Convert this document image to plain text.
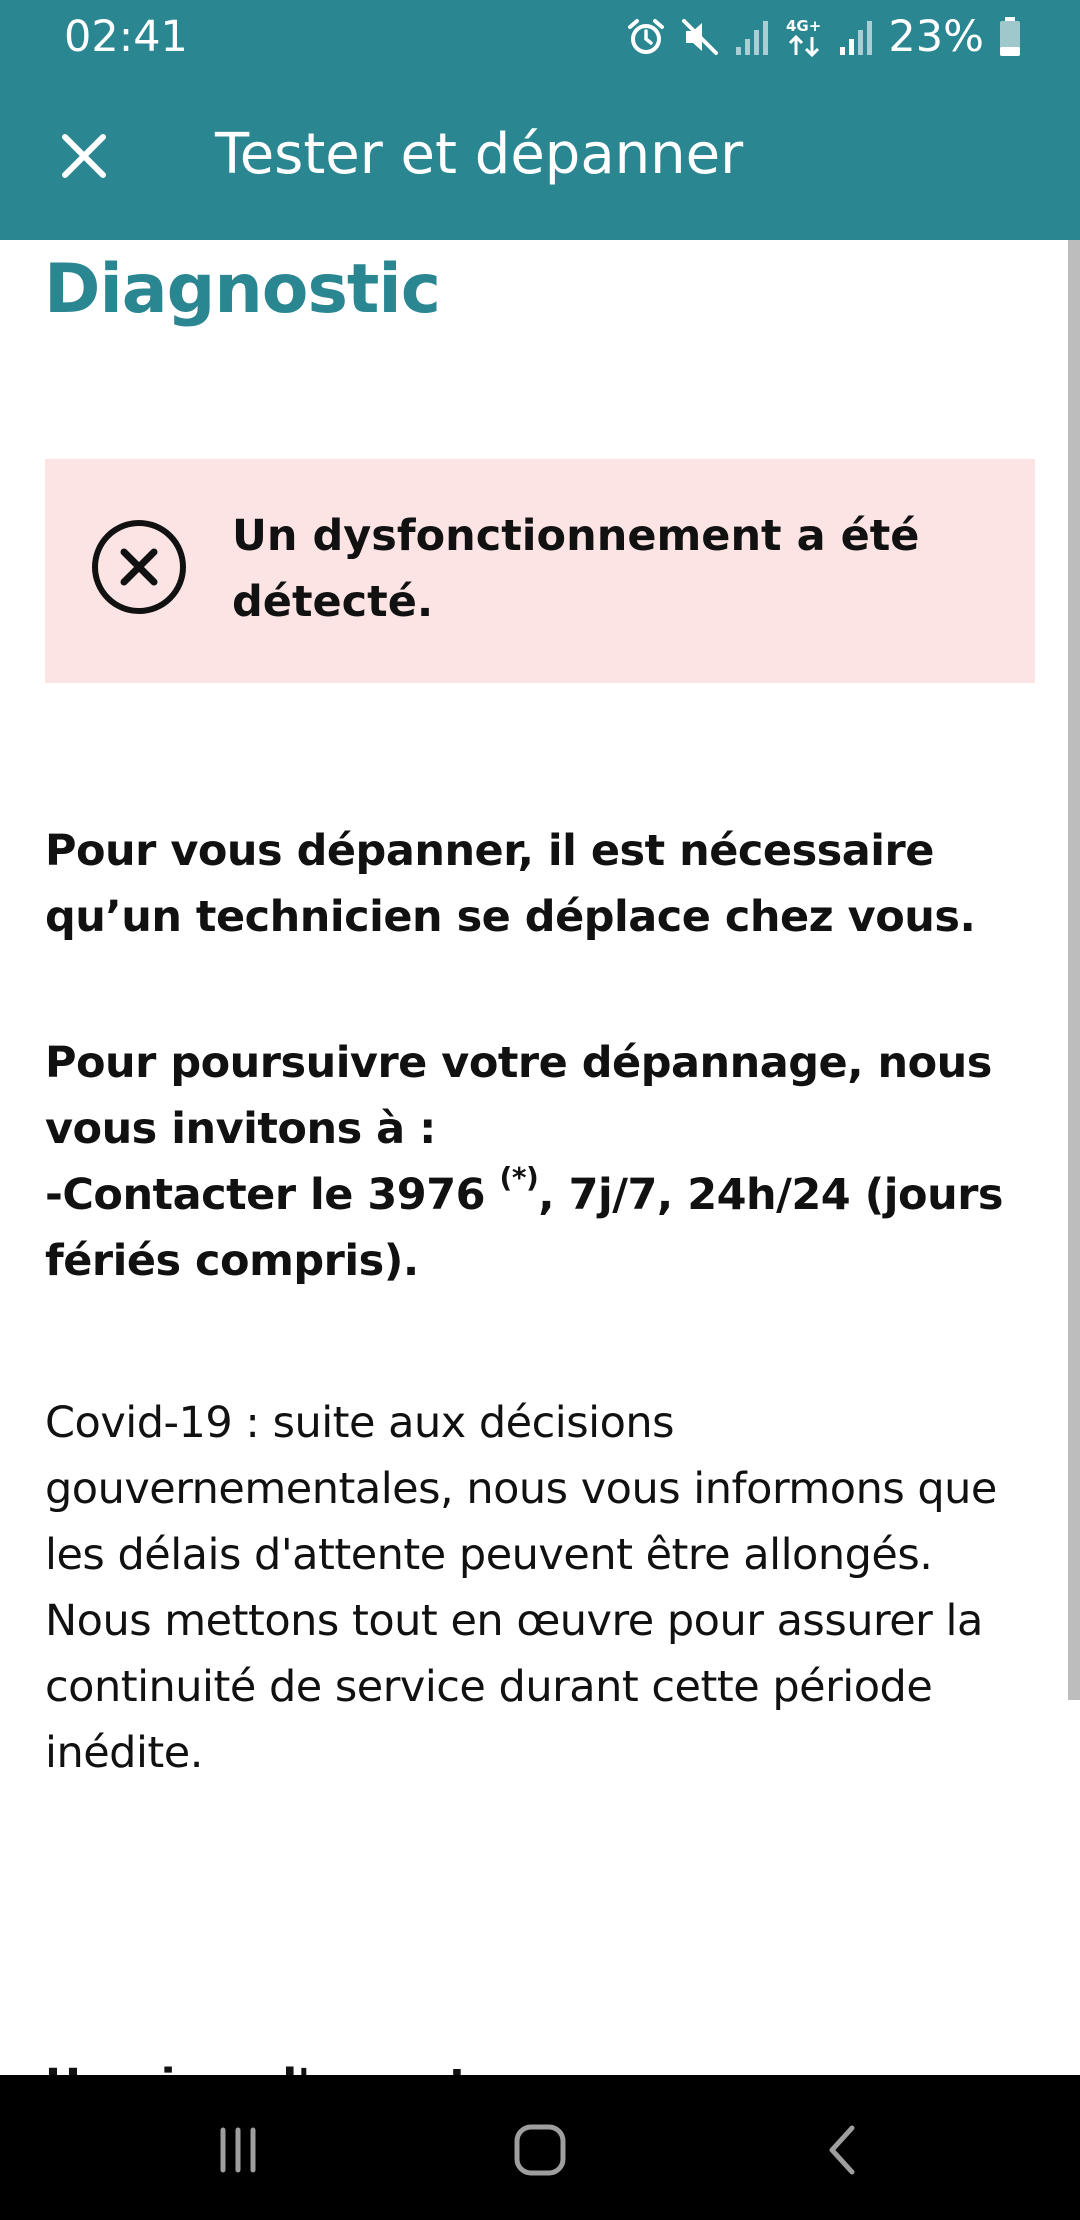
02:41	4G+ 23%
Tester et dépanner
Diagnostic
Un dysfonctionnement a été détecté.

Pour vous dépanner, il est nécessaire qu’un technicien se déplace chez vous.

Pour poursuivre votre dépannage, nous vous invitons à :
-Contacter le 3976 (*), 7j/7, 24h/24 (jours fériés compris).

Covid-19 : suite aux décisions gouvernementales, nous vous informons que les délais d'attente peuvent être allongés. Nous mettons tout en œuvre pour assurer la continuité de service durant cette période inédite.
